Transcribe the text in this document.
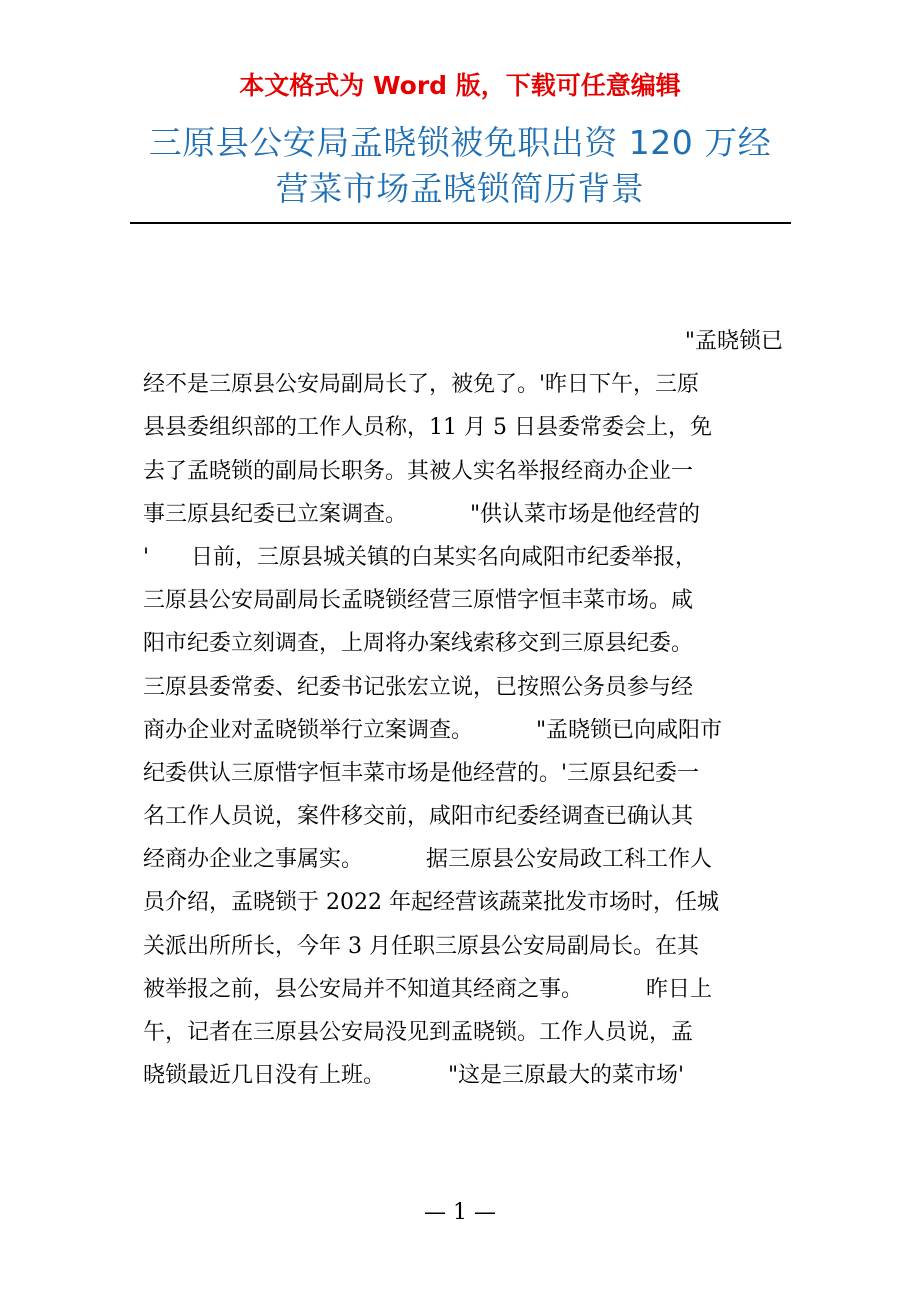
本文格式为 Word 版，下载可任意编辑
三原县公安局孟晓锁被免职出资 120 万经
营菜市场孟晓锁简历背景
"孟晓锁已
经不是三原县公安局副局长了，被免了。'昨日下午，三原
县县委组织部的工作人员称，11 月 5 日县委常委会上，免
去了孟晓锁的副局长职务。其被人实名举报经商办企业一
事三原县纪委已立案调查。         "供认菜市场是他经营的
'      日前，三原县城关镇的白某实名向咸阳市纪委举报，
三原县公安局副局长孟晓锁经营三原惜字恒丰菜市场。咸
阳市纪委立刻调查，上周将办案线索移交到三原县纪委。
三原县委常委、纪委书记张宏立说，已按照公务员参与经
商办企业对孟晓锁举行立案调查。         "孟晓锁已向咸阳市
纪委供认三原惜字恒丰菜市场是他经营的。'三原县纪委一
名工作人员说，案件移交前，咸阳市纪委经调查已确认其
经商办企业之事属实。         据三原县公安局政工科工作人
员介绍，孟晓锁于 2022 年起经营该蔬菜批发市场时，任城
关派出所所长，今年 3 月任职三原县公安局副局长。在其
被举报之前，县公安局并不知道其经商之事。         昨日上
午，记者在三原县公安局没见到孟晓锁。工作人员说，孟
晓锁最近几日没有上班。         "这是三原最大的菜市场'
— 1 —
